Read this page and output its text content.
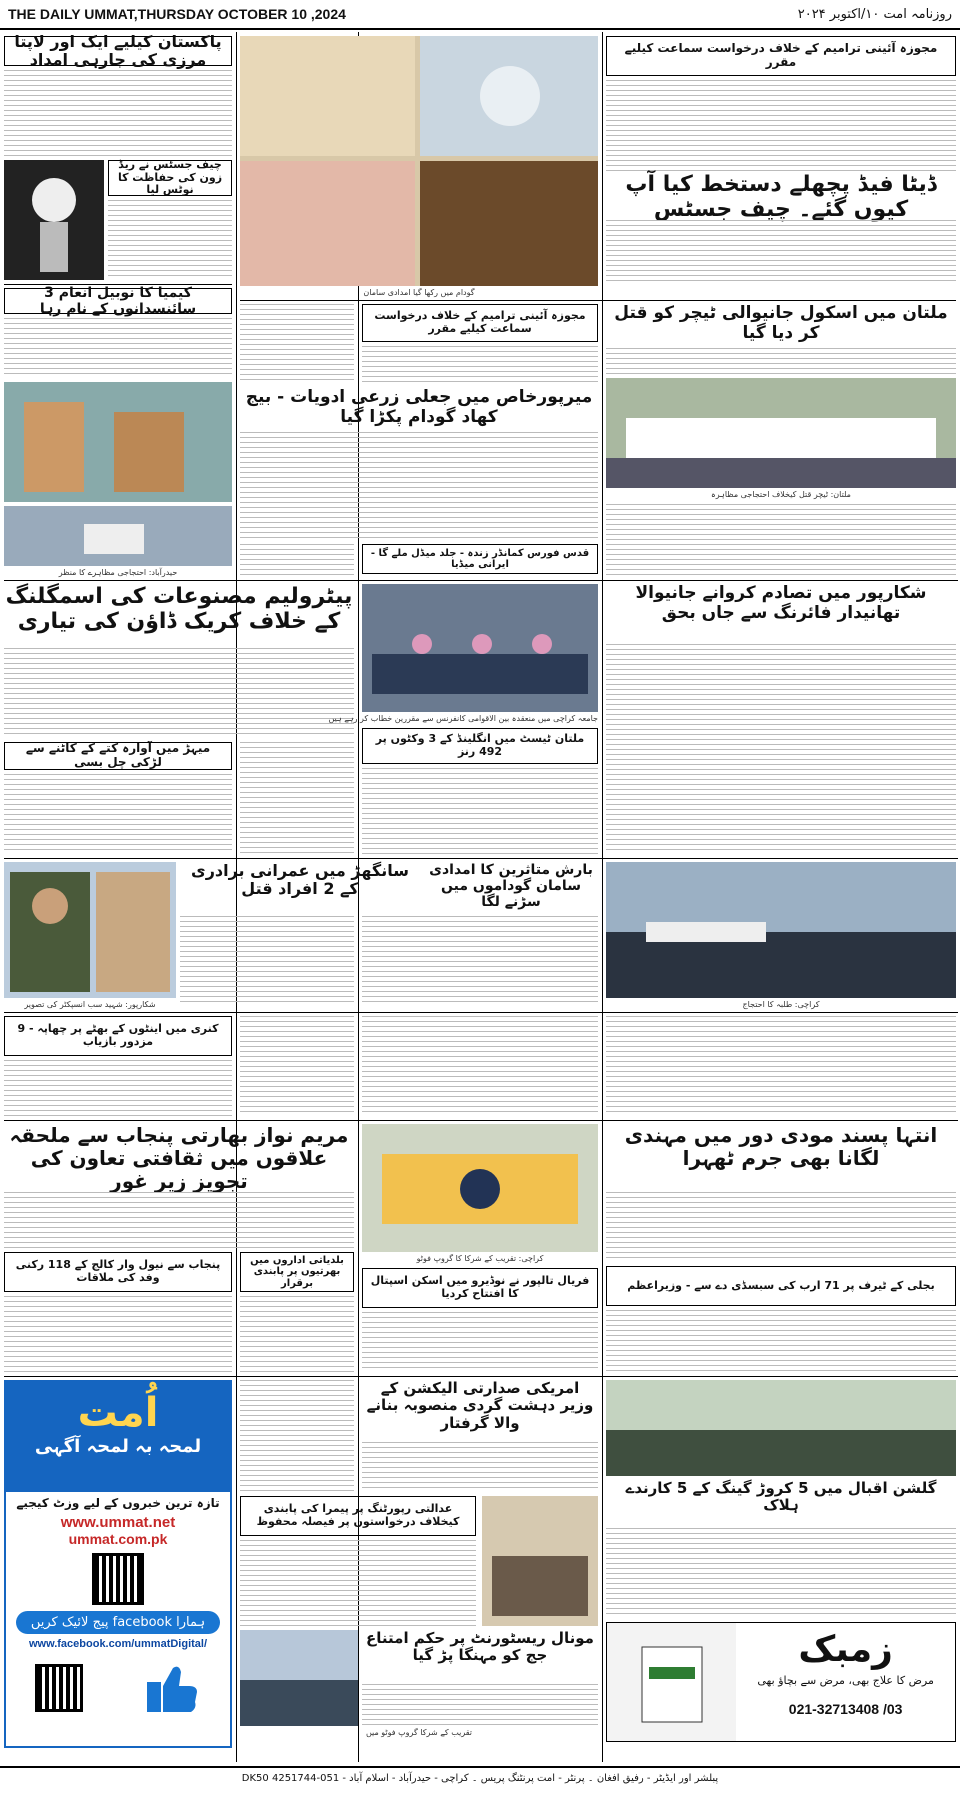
THE DAILY UMMAT,THURSDAY OCTOBER 10 ,2024	روزنامہ امت ۱۰/اکتوبر ۲۰۲۴
پاکستان کیلیے ایک اور لاپتا مرزی کی جارہی امداد
چیف جسٹس نے ریڈ زون کی حفاظت کا نوٹس لیا
کیمیا کا نوبیل انعام 3 سائنسدانوں کے نام رہا
حیدرآباد: احتجاجی مظاہرے کا منظر
گودام میں رکھا گیا امدادی سامان
مجوزہ آئینی ترامیم کے خلاف درخواست سماعت کیلیے مقرر
ڈیٹا فیڈ پچھلے دستخط کیا آپ کیوں گئے۔ چیف جسٹس
مجوزہ آئینی ترامیم کے خلاف درخواست سماعت کیلیے مقرر
میرپورخاص میں جعلی زرعی ادویات - بیج کھاد گودام پکڑا گیا
قدس فورس کمانڈر زندہ - جلد میڈل ملے گا - ایرانی میڈیا
ملتان میں اسکول جانیوالی ٹیچر کو قتل کر دیا گیا
ملتان: ٹیچر قتل کیخلاف احتجاجی مظاہرہ
پیٹرولیم مصنوعات کی اسمگلنگ کے خلاف کریک ڈاؤن کی تیاری
جامعہ کراچی میں منعقدہ بین الاقوامی کانفرنس سے مقررین خطاب کر رہے ہیں
شکارپور میں تصادم کروانے جانیوالا تھانیدار فائرنگ سے جاں بحق
میہڑ میں آوارہ کتے کے کاٹنے سے لڑکی چل بسی
ملتان ٹیسٹ میں انگلینڈ کے 3 وکٹوں پر 492 رنز
شکارپور: شہید سب انسپکٹر کی تصویر
سانگھڑ میں عمرانی برادری کے 2 افراد قتل
بارش متاثرین کا امدادی سامان گوداموں میں سڑنے لگا
کراچی: طلبہ کا احتجاج
کنری میں اینٹوں کے بھٹے پر چھاپہ - 9 مزدور بازیاب
مریم نواز بھارتی پنجاب سے ملحقہ علاقوں میں ثقافتی تعاون کی تجویز زیر غور
کراچی: تقریب کے شرکا کا گروپ فوٹو
انتہا پسند مودی دور میں مہندی لگانا بھی جرم ٹھہرا
پنجاب سے نیول وار کالج کے 118 رکنی وفد کی ملاقات
بلدیاتی اداروں میں بھرتیوں پر پابندی برقرار	فریال تالپور نے نوڈیرو میں اسکن اسپتال کا افتتاح کردیا
بجلی کے ٹیرف پر 71 ارب کی سبسڈی دے سے - وزیراعظم
اُمت
لمحہ بہ لمحہ آگہی
تازہ ترین خبروں کے لیے وزٹ کیجیے
www.ummat.net
ummat.com.pk
ہمارا facebook پیج لائیک کریں
www.facebook.com/ummatDigital/
امریکی صدارتی الیکشن کے وزیر دہشت گردی منصوبہ بنانے والا گرفتار
عدالتی رپورٹنگ پر پیمرا کی پابندی کیخلاف درخواستوں پر فیصلہ محفوظ
مونال ریسٹورنٹ پر حکم امتناع جج کو مہنگا پڑ گیا
تقریب کے شرکا گروپ فوٹو میں
گلشن اقبال میں 5 کروڑ گینگ کے 5 کارندے ہلاک
زمبک
مرض کا علاج بھی، مرض سے بچاؤ بھی
021-32713408 /03
پبلشر اور ایڈیٹر - رفیق افغان ۔ پرنٹر - امت پرنٹنگ پریس ۔ کراچی - حیدرآباد - اسلام آباد - 051-4251744 DK50
